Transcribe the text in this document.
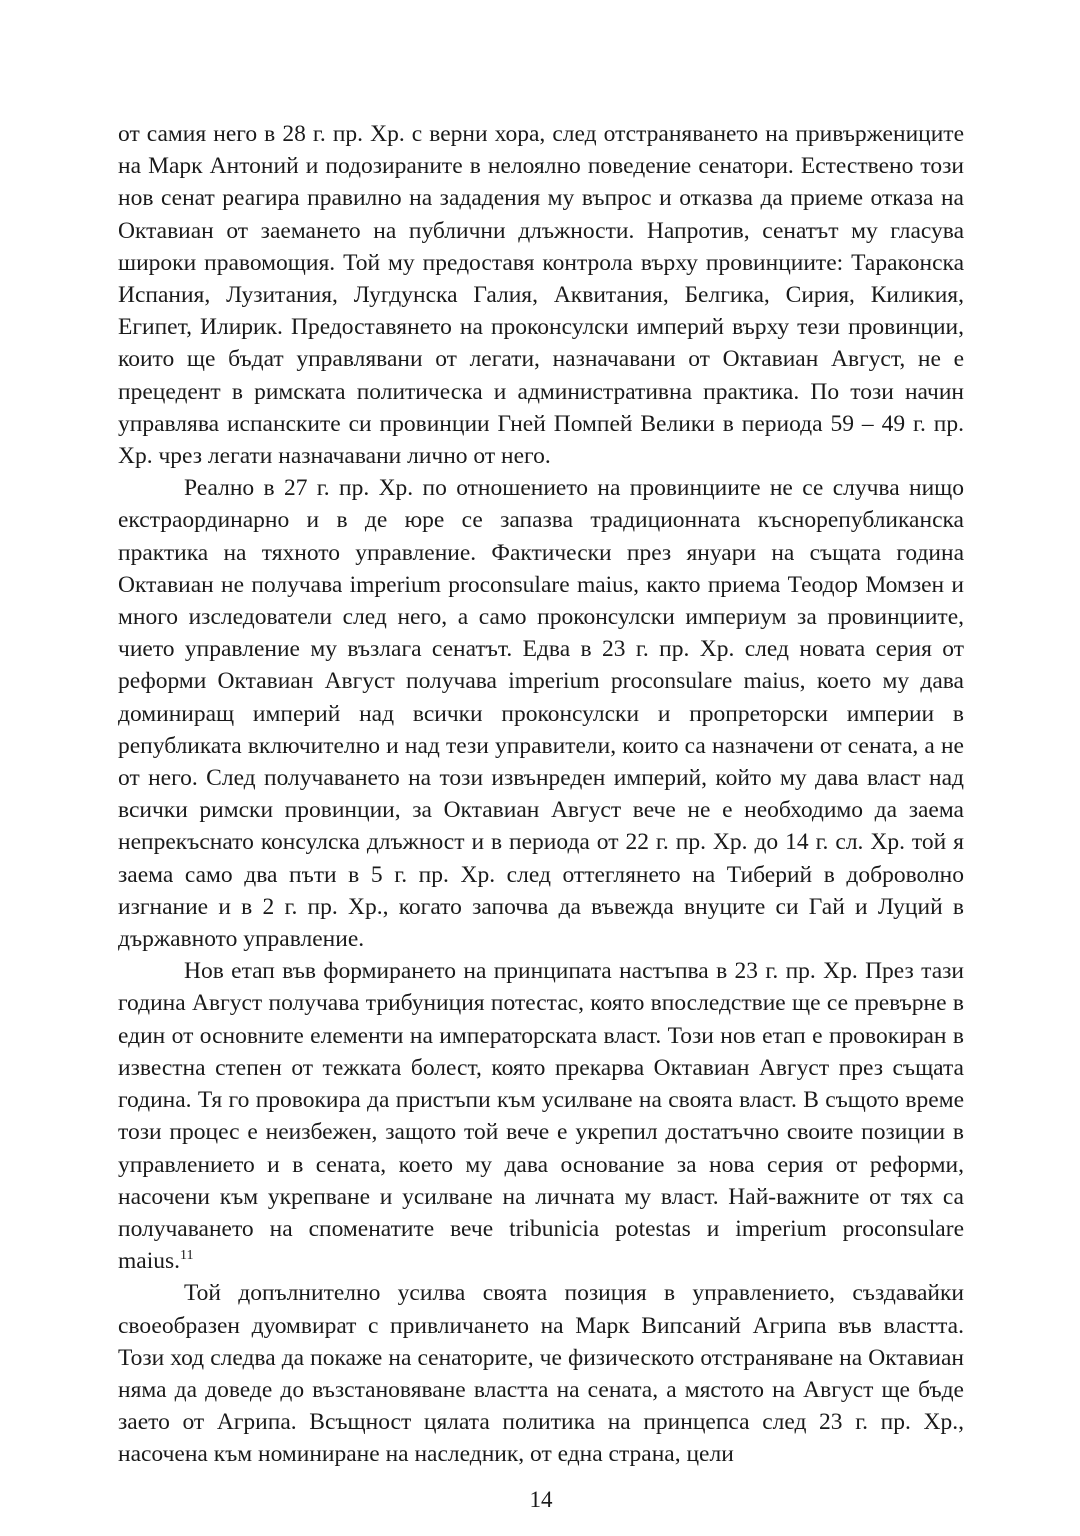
от самия него в 28 г. пр. Хр. с верни хора, след отстраняването на привържениците на Марк Антоний и подозираните в нелоялно поведение сенатори. Естествено този нов сенат реагира правилно на зададения му въпрос и отказва да приеме отказа на Октавиан от заемането на публични длъжности. Напротив, сенатът му гласува широки правомощия. Той му предоставя контрола върху провинциите: Тараконска Испания, Лузитания, Лугдунска Галия, Аквитания, Белгика, Сирия, Киликия, Египет, Илирик. Предоставянето на проконсулски империй върху тези провинции, които ще бъдат управлявани от легати, назначавани от Октавиан Август, не е прецедент в римската политическа и административна практика. По този начин управлява испанските си провинции Гней Помпей Велики в периода 59 – 49 г. пр. Хр. чрез легати назначавани лично от него.

Реално в 27 г. пр. Хр. по отношението на провинциите не се случва нищо екстраординарно и в де юре се запазва традиционната къснорепубликанска практика на тяхното управление. Фактически през януари на същата година Октавиан не получава imperium proconsulare maius, както приема Теодор Момзен и много изследователи след него, а само проконсулски империум за провинциите, чието управление му възлага сенатът. Едва в 23 г. пр. Хр. след новата серия от реформи Октавиан Август получава imperium proconsulare maius, което му дава доминиращ империй над всички проконсулски и пропреторски империи в републиката включително и над тези управители, които са назначени от сената, а не от него. След получаването на този извънреден империй, който му дава власт над всички римски провинции, за Октавиан Август вече не е необходимо да заема непрекъснато консулска длъжност и в периода от 22 г. пр. Хр. до 14 г. сл. Хр. той я заема само два пъти в 5 г. пр. Хр. след оттеглянето на Тиберий в доброволно изгнание и в 2 г. пр. Хр., когато започва да въвежда внуците си Гай и Луций в държавното управление.

Нов етап във формирането на принципата настъпва в 23 г. пр. Хр. През тази година Август получава трибуниция потестас, която впоследствие ще се превърне в един от основните елементи на императорската власт. Този нов етап е провокиран в известна степен от тежката болест, която прекарва Октавиан Август през същата година. Тя го провокира да пристъпи към усилване на своята власт. В същото време този процес е неизбежен, защото той вече е укрепил достатъчно своите позиции в управлението и в сената, което му дава основание за нова серия от реформи, насочени към укрепване и усилване на личната му власт. Най-важните от тях са получаването на споменатите вече tribunicia potestas и imperium proconsulare maius.$^{11}$

Той допълнително усилва своята позиция в управлението, създавайки своеобразен дуомвират с привличането на Марк Випсаний Агрипа във властта. Този ход следва да покаже на сенаторите, че физическото отстраняване на Октавиан няма да доведе до възстановяване властта на сената, а мястото на Август ще бъде заето от Агрипа. Всъщност цялата политика на принцепса след 23 г. пр. Хр., насочена към номиниране на наследник, от една страна, цели

14
